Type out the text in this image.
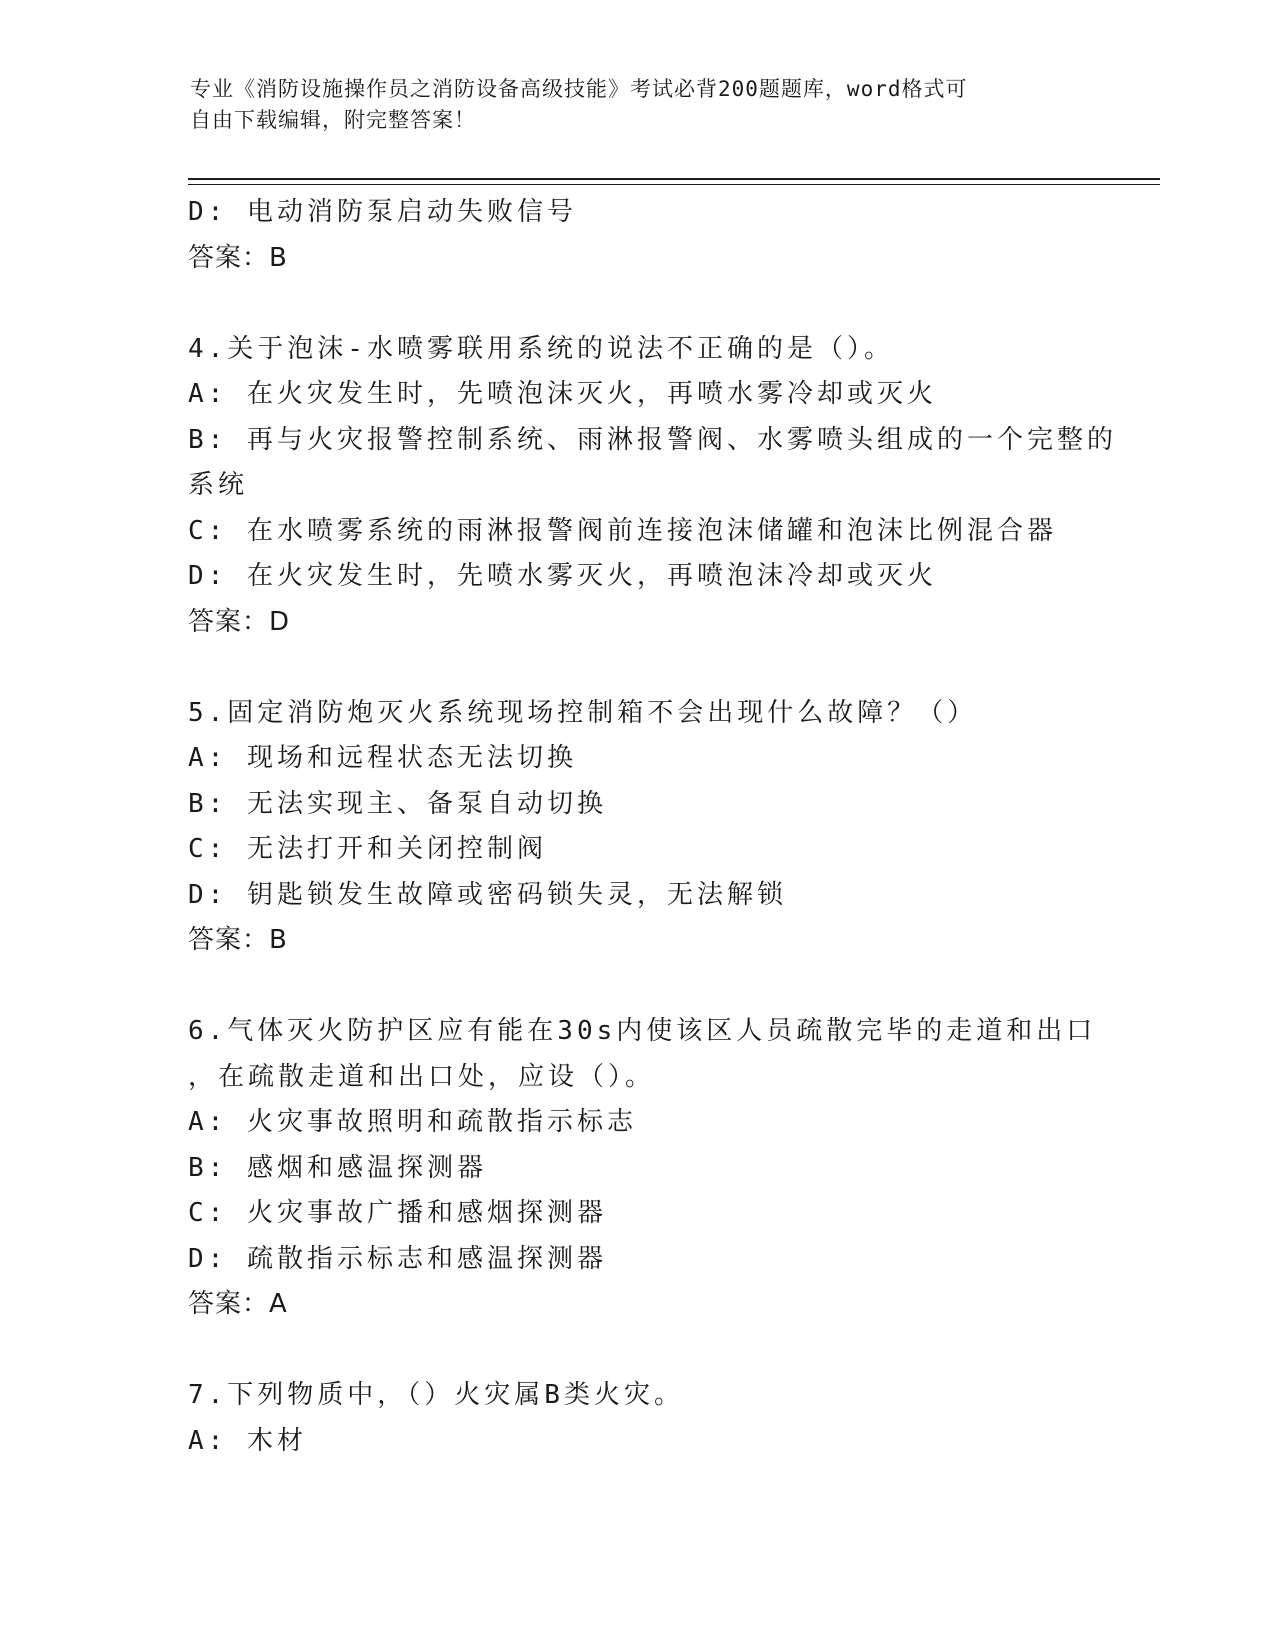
专业《消防设施操作员之消防设备高级技能》考试必背200题题库，word格式可
自由下载编辑，附完整答案！
D: 电动消防泵启动失败信号
答案：B
4.关于泡沫-水喷雾联用系统的说法不正确的是（）。
A: 在火灾发生时，先喷泡沫灭火，再喷水雾冷却或灭火
B: 再与火灾报警控制系统、雨淋报警阀、水雾喷头组成的一个完整的
系统
C: 在水喷雾系统的雨淋报警阀前连接泡沫储罐和泡沫比例混合器
D: 在火灾发生时，先喷水雾灭火，再喷泡沫冷却或灭火
答案：D
5.固定消防炮灭火系统现场控制箱不会出现什么故障？（）
A: 现场和远程状态无法切换
B: 无法实现主、备泵自动切换
C: 无法打开和关闭控制阀
D: 钥匙锁发生故障或密码锁失灵，无法解锁
答案：B
6.气体灭火防护区应有能在30s内使该区人员疏散完毕的走道和出口
，在疏散走道和出口处，应设（）。
A: 火灾事故照明和疏散指示标志
B: 感烟和感温探测器
C: 火灾事故广播和感烟探测器
D: 疏散指示标志和感温探测器
答案：A
7.下列物质中，（）火灾属B类火灾。
A: 木材
